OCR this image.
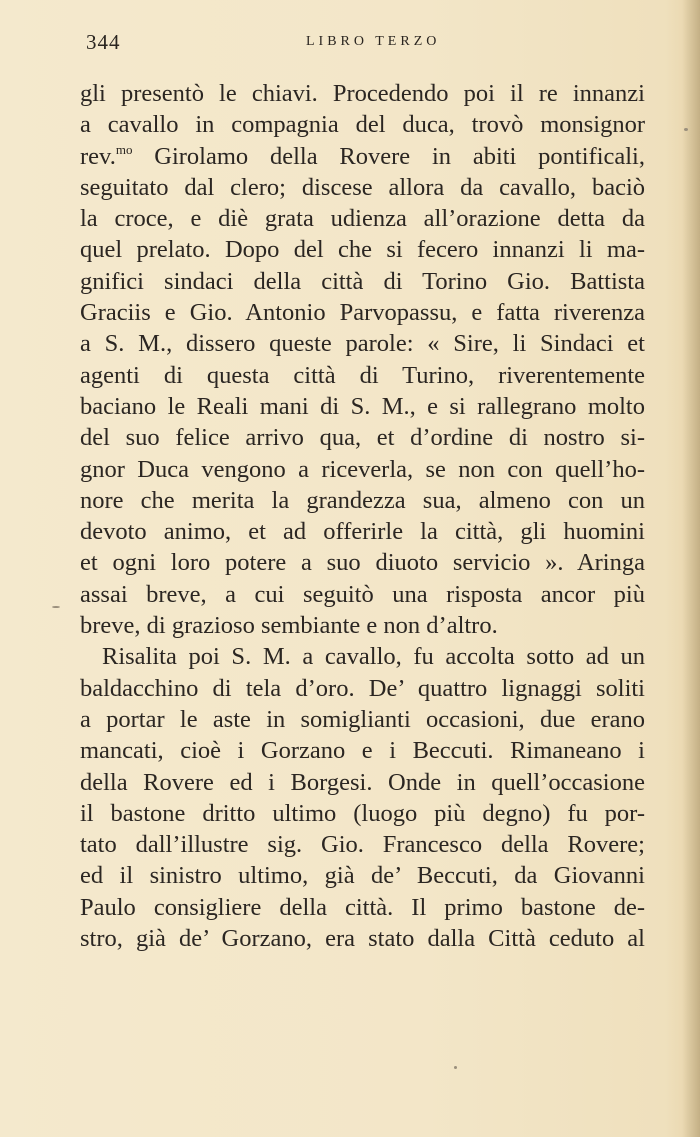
344	LIBRO TERZO
gli presentò le chiavi. Procedendo poi il re innanzi
a cavallo in compagnia del duca, trovò monsignor
rev.$^{mo}$ Girolamo della Rovere in abiti pontificali,
seguitato dal clero; discese allora da cavallo, baciò
la croce, e diè grata udienza all’orazione detta da
quel prelato. Dopo del che si fecero innanzi li ma-
gnifici sindaci della città di Torino Gio. Battista
Graciis e Gio. Antonio Parvopassu, e fatta riverenza
a S. M., dissero queste parole: « Sire, li Sindaci et
agenti di questa città di Turino, riverentemente
baciano le Reali mani di S. M., e si rallegrano molto
del suo felice arrivo qua, et d’ordine di nostro si-
gnor Duca vengono a riceverla, se non con quell’ho-
nore che merita la grandezza sua, almeno con un
devoto animo, et ad offerirle la città, gli huomini
et ogni loro potere a suo diuoto servicio ». Aringa
assai breve, a cui seguitò una risposta ancor più
breve, di grazioso sembiante e non d’altro.
Risalita poi S. M. a cavallo, fu accolta sotto ad un
baldacchino di tela d’oro. De’ quattro lignaggi soliti
a portar le aste in somiglianti occasioni, due erano
mancati, cioè i Gorzano e i Beccuti. Rimaneano i
della Rovere ed i Borgesi. Onde in quell’occasione
il bastone dritto ultimo (luogo più degno) fu por-
tato dall’illustre sig. Gio. Francesco della Rovere;
ed il sinistro ultimo, già de’ Beccuti, da Giovanni
Paulo consigliere della città. Il primo bastone de-
stro, già de’ Gorzano, era stato dalla Città ceduto al
